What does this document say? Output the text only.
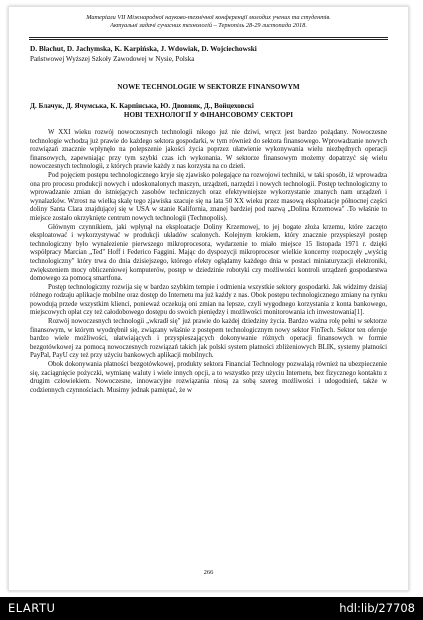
Матеріали VII Міжнародної науково-технічної конференції молодих учених та студентів.
Актуальні задачі сучасних технологій – Тернопіль 28-29 листопада 2018.
D. Blachut, D. Jachymska, K. Karpińska, J. Wdowiak, D. Wojciechowski
Państwowej Wyższej Szkoły Zawodowej w Nysie, Polska
NOWE TECHNOLOGIE W SEKTORZE FINANSOWYM
Д. Блачук, Д. Ячумська, К. Карпінська, Ю. Двовняк, Д., Войцеховскі
НОВІ ТЕХНОЛОГІЇ У ФІНАНСОВОМУ СЕКТОРІ

W XXI wieku rozwój nowoczesnych technologii nikogo już nie dziwi, wręcz jest bardzo pożądany. Nowoczesne technologie wchodzą już prawie do każdego sektora gospodarki, w tym również do sektora finansowego. Wprowadzanie nowych rozwiązań znacznie wpłynęło na polepszenie jakości życia poprzez ułatwienie wykonywania wielu niezbędnych operacji finansowych, zapewniając przy tym szybki czas ich wykonania. W sektorze finansowym możemy dopatrzyć się wielu nowoczesnych technologii, z których prawie każdy z nas korzysta na co dzień.

Pod pojęciem postępu technologicznego kryje się zjawisko polegające na rozwojowi techniki, w taki sposób, iż wprowadza ona pro procesu produkcji nowych i udoskonalonych maszyn, urządzeń, narzędzi i nowych technologii. Postęp technologiczny to wprowadzanie zmian do istniejących zasobów technicznych oraz efektywniejsze wykorzystanie znanych nam urządzeń i wynalazków. Wzrost na wielką skalę tego zjawiska szacuje się na lata 50 XX wieku przez masową eksploatacje północnej części doliny Santa Clara znajdującej się w USA w stanie Kalifornia, znanej bardziej pod nazwą „Dolina Krzemowa" .To właśnie to miejsce zostało okrzyknięte centrum nowych technologii (Technopolis).

Głównym czynnikiem, jaki wpłynął na eksploatacje Doliny Krzemowej, to jej bogate złoża krzemu, które zaczęto eksploatować i wykorzystywać w produkcji układów scalonych. Kolejnym krokiem, który znacznie przyspieszył postęp technologiczny było wynalezienie pierwszego mikroprocesora, wydarzenie to miało miejsce 15 listopada 1971 r. dzięki współpracy Marcian „Ted" Hoff i Federico Faggini. Mając do dyspozycji mikroprocesor wielkie koncerny rozpoczęły „wyścig technologiczny" który trwa do dnia dzisiejszego, którego efekty oglądamy każdego dnia w postaci miniaturyzacji elektroniki, zwiększeniem mocy obliczeniowej komputerów, postęp w dziedzinie robotyki czy możliwości kontroli urządzeń gospodarstwa domowego za pomocą smartfona.

Postęp technologiczny rozwija się w bardzo szybkim tempie i odmienia wszystkie sektory gospodarki. Jak widzimy dzisiaj różnego rodzaju aplikacje mobilne oraz dostęp do Internetu ma już każdy z nas. Obok postępu technologicznego zmiany na rynku powodują przede wszystkim klienci, ponieważ oczekują oni zmian na lepsze, czyli wygodnego korzystania z konta bankowego, miejscowych opłat czy też całodobowego dostępu do swoich pieniędzy i możliwości monitorowania ich inwestowania[1].

Rozwój nowoczesnych technologii „wkradł się" już prawie do każdej dziedziny życia. Bardzo ważna rolę pełni w sektorze finansowym, w którym wyodrębnił się, związany właśnie z postępem technologicznym nowy sektor FinTech. Sektor ten oferuje bardzo wiele możliwości, ułatwiających i przyspieszających dokonywanie różnych operacji finansowych w formie bezgotówkowej za pomocą nowoczesnych rozwiązań takich jak polski system płatności zbliżeniowych BLIK, systemy płatności PayPal, PayU czy też przy użyciu bankowych aplikacji mobilnych.

Obok dokonywania płatności bezgotówkowej, produkty sektora Financial Technology pozwalają również na ubezpieczenie się, zaciągnięcie pożyczki, wymianę waluty i wiele innych opcji, a to wszystko przy użyciu Internetu, bez fizycznego kontaktu z drugim człowiekiem. Nowoczesne, innowacyjne rozwiązania niosą za sobą szereg możliwości i udogodnień, także w codziennych czynnościach. Musimy jednak pamiętać, że w

266
ELARTU	hdl:lib/27708
